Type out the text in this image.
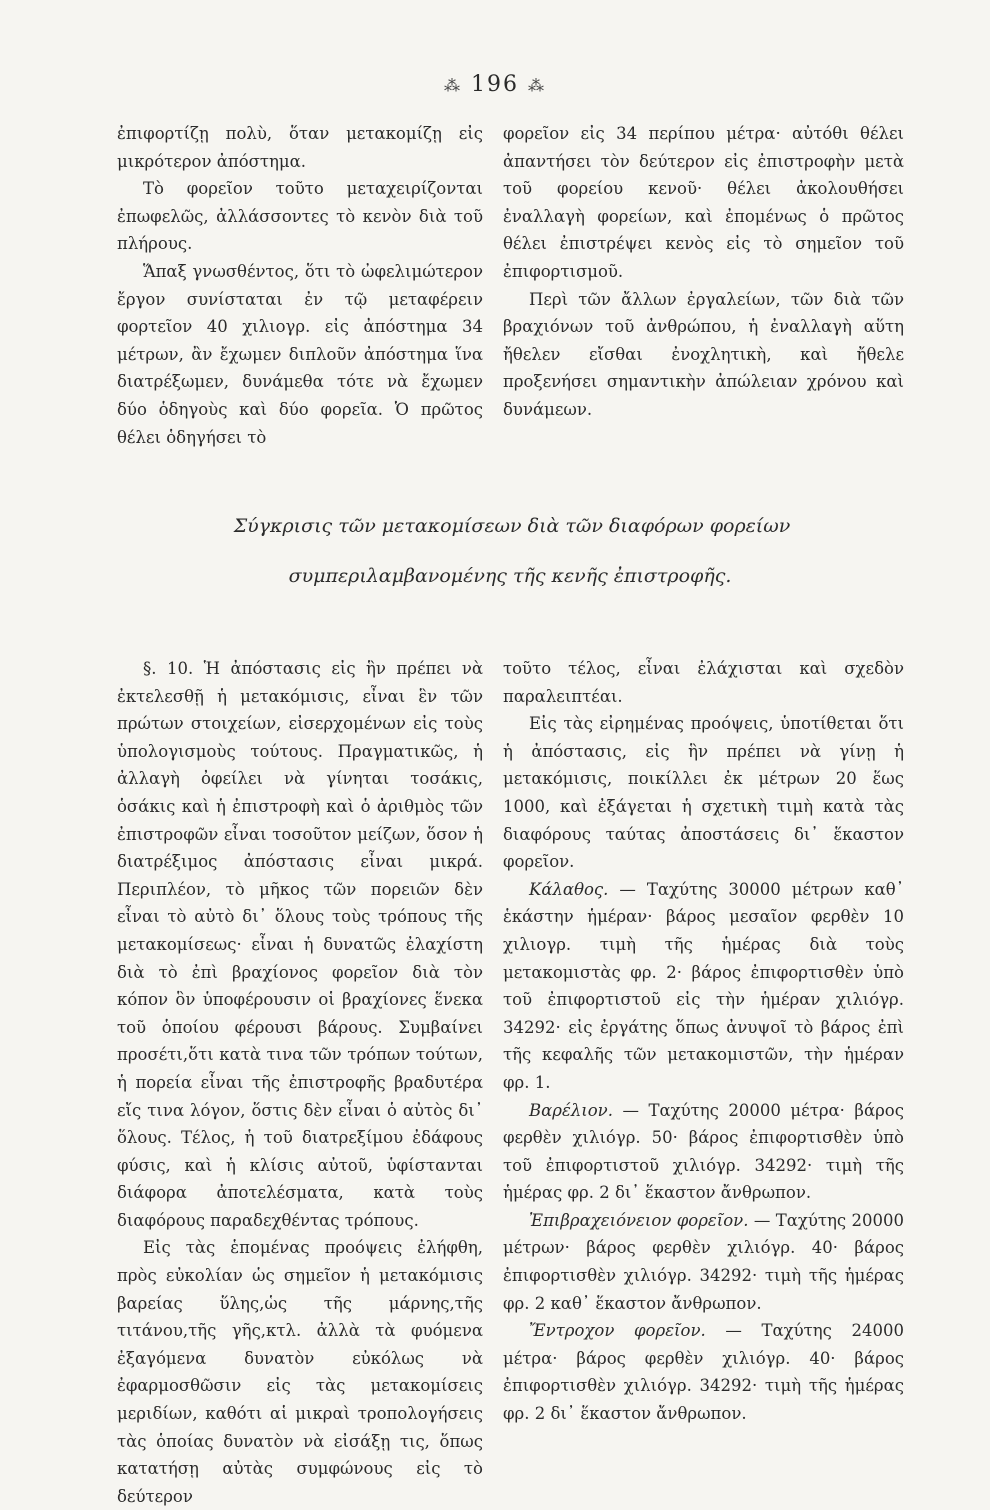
⁂ 196 ⁂

ἐπιφορτίζῃ πολὺ, ὅταν μετακομίζῃ εἰς μικρότερον ἀπόστημα.

Τὸ φορεῖον τοῦτο μεταχειρίζονται ἐπωφελῶς, ἀλλάσσοντες τὸ κενὸν διὰ τοῦ πλήρους.

Ἅπαξ γνωσθέντος, ὅτι τὸ ὠφελιμώτερον ἔργον συνίσταται ἐν τῷ μεταφέρειν φορτεῖον 40 χιλιογρ. εἰς ἀπόστημα 34 μέτρων, ἂν ἔχωμεν διπλοῦν ἀπόστημα ἵνα διατρέξωμεν, δυνάμεθα τότε νὰ ἔχωμεν δύο ὁδηγοὺς καὶ δύο φορεῖα. Ὁ πρῶτος θέλει ὁδηγήσει τὸ

φορεῖον εἰς 34 περίπου μέτρα· αὐτόθι θέλει ἀπαντήσει τὸν δεύτερον εἰς ἐπιστροφὴν μετὰ τοῦ φορείου κενοῦ· θέλει ἀκολουθήσει ἐναλλαγὴ φορείων, καὶ ἐπομένως ὁ πρῶτος θέλει ἐπιστρέψει κενὸς εἰς τὸ σημεῖον τοῦ ἐπιφορτισμοῦ.

Περὶ τῶν ἄλλων ἐργαλείων, τῶν διὰ τῶν βραχιόνων τοῦ ἀνθρώπου, ἡ ἐναλλαγὴ αὕτη ἤθελεν εἴσθαι ἐνοχλητικὴ, καὶ ἤθελε προξενήσει σημαντικὴν ἀπώλειαν χρόνου καὶ δυνάμεων.

Σύγκρισις τῶν μετακομίσεων διὰ τῶν διαφόρων φορείων
συμπεριλαμβανομένης τῆς κενῆς ἐπιστροφῆς.

§. 10. Ἡ ἀπόστασις εἰς ἣν πρέπει νὰ ἐκτελεσθῇ ἡ μετακόμισις, εἶναι ἓν τῶν πρώτων στοιχείων, εἰσερχομένων εἰς τοὺς ὑπολογισμοὺς τούτους. Πραγματικῶς, ἡ ἀλλαγὴ ὀφείλει νὰ γίνηται τοσάκις, ὁσάκις καὶ ἡ ἐπιστροφὴ καὶ ὁ ἀριθμὸς τῶν ἐπιστροφῶν εἶναι τοσοῦτον μείζων, ὅσον ἡ διατρέξιμος ἀπόστασις εἶναι μικρά. Περιπλέον, τὸ μῆκος τῶν πορειῶν δὲν εἶναι τὸ αὐτὸ δι᾽ ὅλους τοὺς τρόπους τῆς μετακομίσεως· εἶναι ἡ δυνατῶς ἐλαχίστη διὰ τὸ ἐπὶ βραχίονος φορεῖον διὰ τὸν κόπον ὃν ὑποφέρουσιν οἱ βραχίονες ἕνεκα τοῦ ὁποίου φέρουσι βάρους. Συμβαίνει προσέτι,ὅτι κατὰ τινα τῶν τρόπων τούτων, ἡ πορεία εἶναι τῆς ἐπιστροφῆς βραδυτέρα εἴς τινα λόγον, ὅστις δὲν εἶναι ὁ αὐτὸς δι᾽ ὅλους. Τέλος, ἡ τοῦ διατρεξίμου ἐδάφους φύσις, καὶ ἡ κλίσις αὐτοῦ, ὑφίστανται διάφορα ἀποτελέσματα, κατὰ τοὺς διαφόρους παραδεχθέντας τρόπους.

Εἰς τὰς ἑπομένας προόψεις ἐλήφθη, πρὸς εὐκολίαν ὡς σημεῖον ἡ μετακόμισις βαρείας ὕλης,ὡς τῆς μάρνης,τῆς τιτάνου,τῆς γῆς,κτλ. ἀλλὰ τὰ φυόμενα ἐξαγόμενα δυνατὸν εὐκόλως νὰ ἐφαρμοσθῶσιν εἰς τὰς μετακομίσεις μεριδίων, καθότι αἱ μικραὶ τροπολογήσεις τὰς ὁποίας δυνατὸν νὰ εἰσάξῃ τις, ὅπως κατατήσῃ αὐτὰς συμφώνους εἰς τὸ δεύτερον

τοῦτο τέλος, εἶναι ἐλάχισται καὶ σχεδὸν παραλειπτέαι.

Εἰς τὰς εἰρημένας προόψεις, ὑποτίθεται ὅτι ἡ ἀπόστασις, εἰς ἣν πρέπει νὰ γίνῃ ἡ μετακόμισις, ποικίλλει ἐκ μέτρων 20 ἕως 1000, καὶ ἐξάγεται ἡ σχετικὴ τιμὴ κατὰ τὰς διαφόρους ταύτας ἀποστάσεις δι᾽ ἕκαστον φορεῖον.

Κάλαθος. — Ταχύτης 30000 μέτρων καθ᾽ ἑκάστην ἡμέραν· βάρος μεσαῖον φερθὲν 10 χιλιογρ. τιμὴ τῆς ἡμέρας διὰ τοὺς μετακομιστὰς φρ. 2· βάρος ἐπιφορτισθὲν ὑπὸ τοῦ ἐπιφορτιστοῦ εἰς τὴν ἡμέραν χιλιόγρ. 34292· εἰς ἐργάτης ὅπως ἀνυψοῖ τὸ βάρος ἐπὶ τῆς κεφαλῆς τῶν μετακομιστῶν, τὴν ἡμέραν φρ. 1.

Βαρέλιον. — Ταχύτης 20000 μέτρα· βάρος φερθὲν χιλιόγρ. 50· βάρος ἐπιφορτισθὲν ὑπὸ τοῦ ἐπιφορτιστοῦ χιλιόγρ. 34292· τιμὴ τῆς ἡμέρας φρ. 2 δι᾽ ἕκαστον ἄνθρωπον.

Ἐπιβραχειόνειον φορεῖον. — Ταχύτης 20000 μέτρων· βάρος φερθὲν χιλιόγρ. 40· βάρος ἐπιφορτισθὲν χιλιόγρ. 34292· τιμὴ τῆς ἡμέρας φρ. 2 καθ᾽ ἕκαστον ἄνθρωπον.

Ἔντροχον φορεῖον. — Ταχύτης 24000 μέτρα· βάρος φερθὲν χιλιόγρ. 40· βάρος ἐπιφορτισθὲν χιλιόγρ. 34292· τιμὴ τῆς ἡμέρας φρ. 2 δι᾽ ἕκαστον ἄνθρωπον.
